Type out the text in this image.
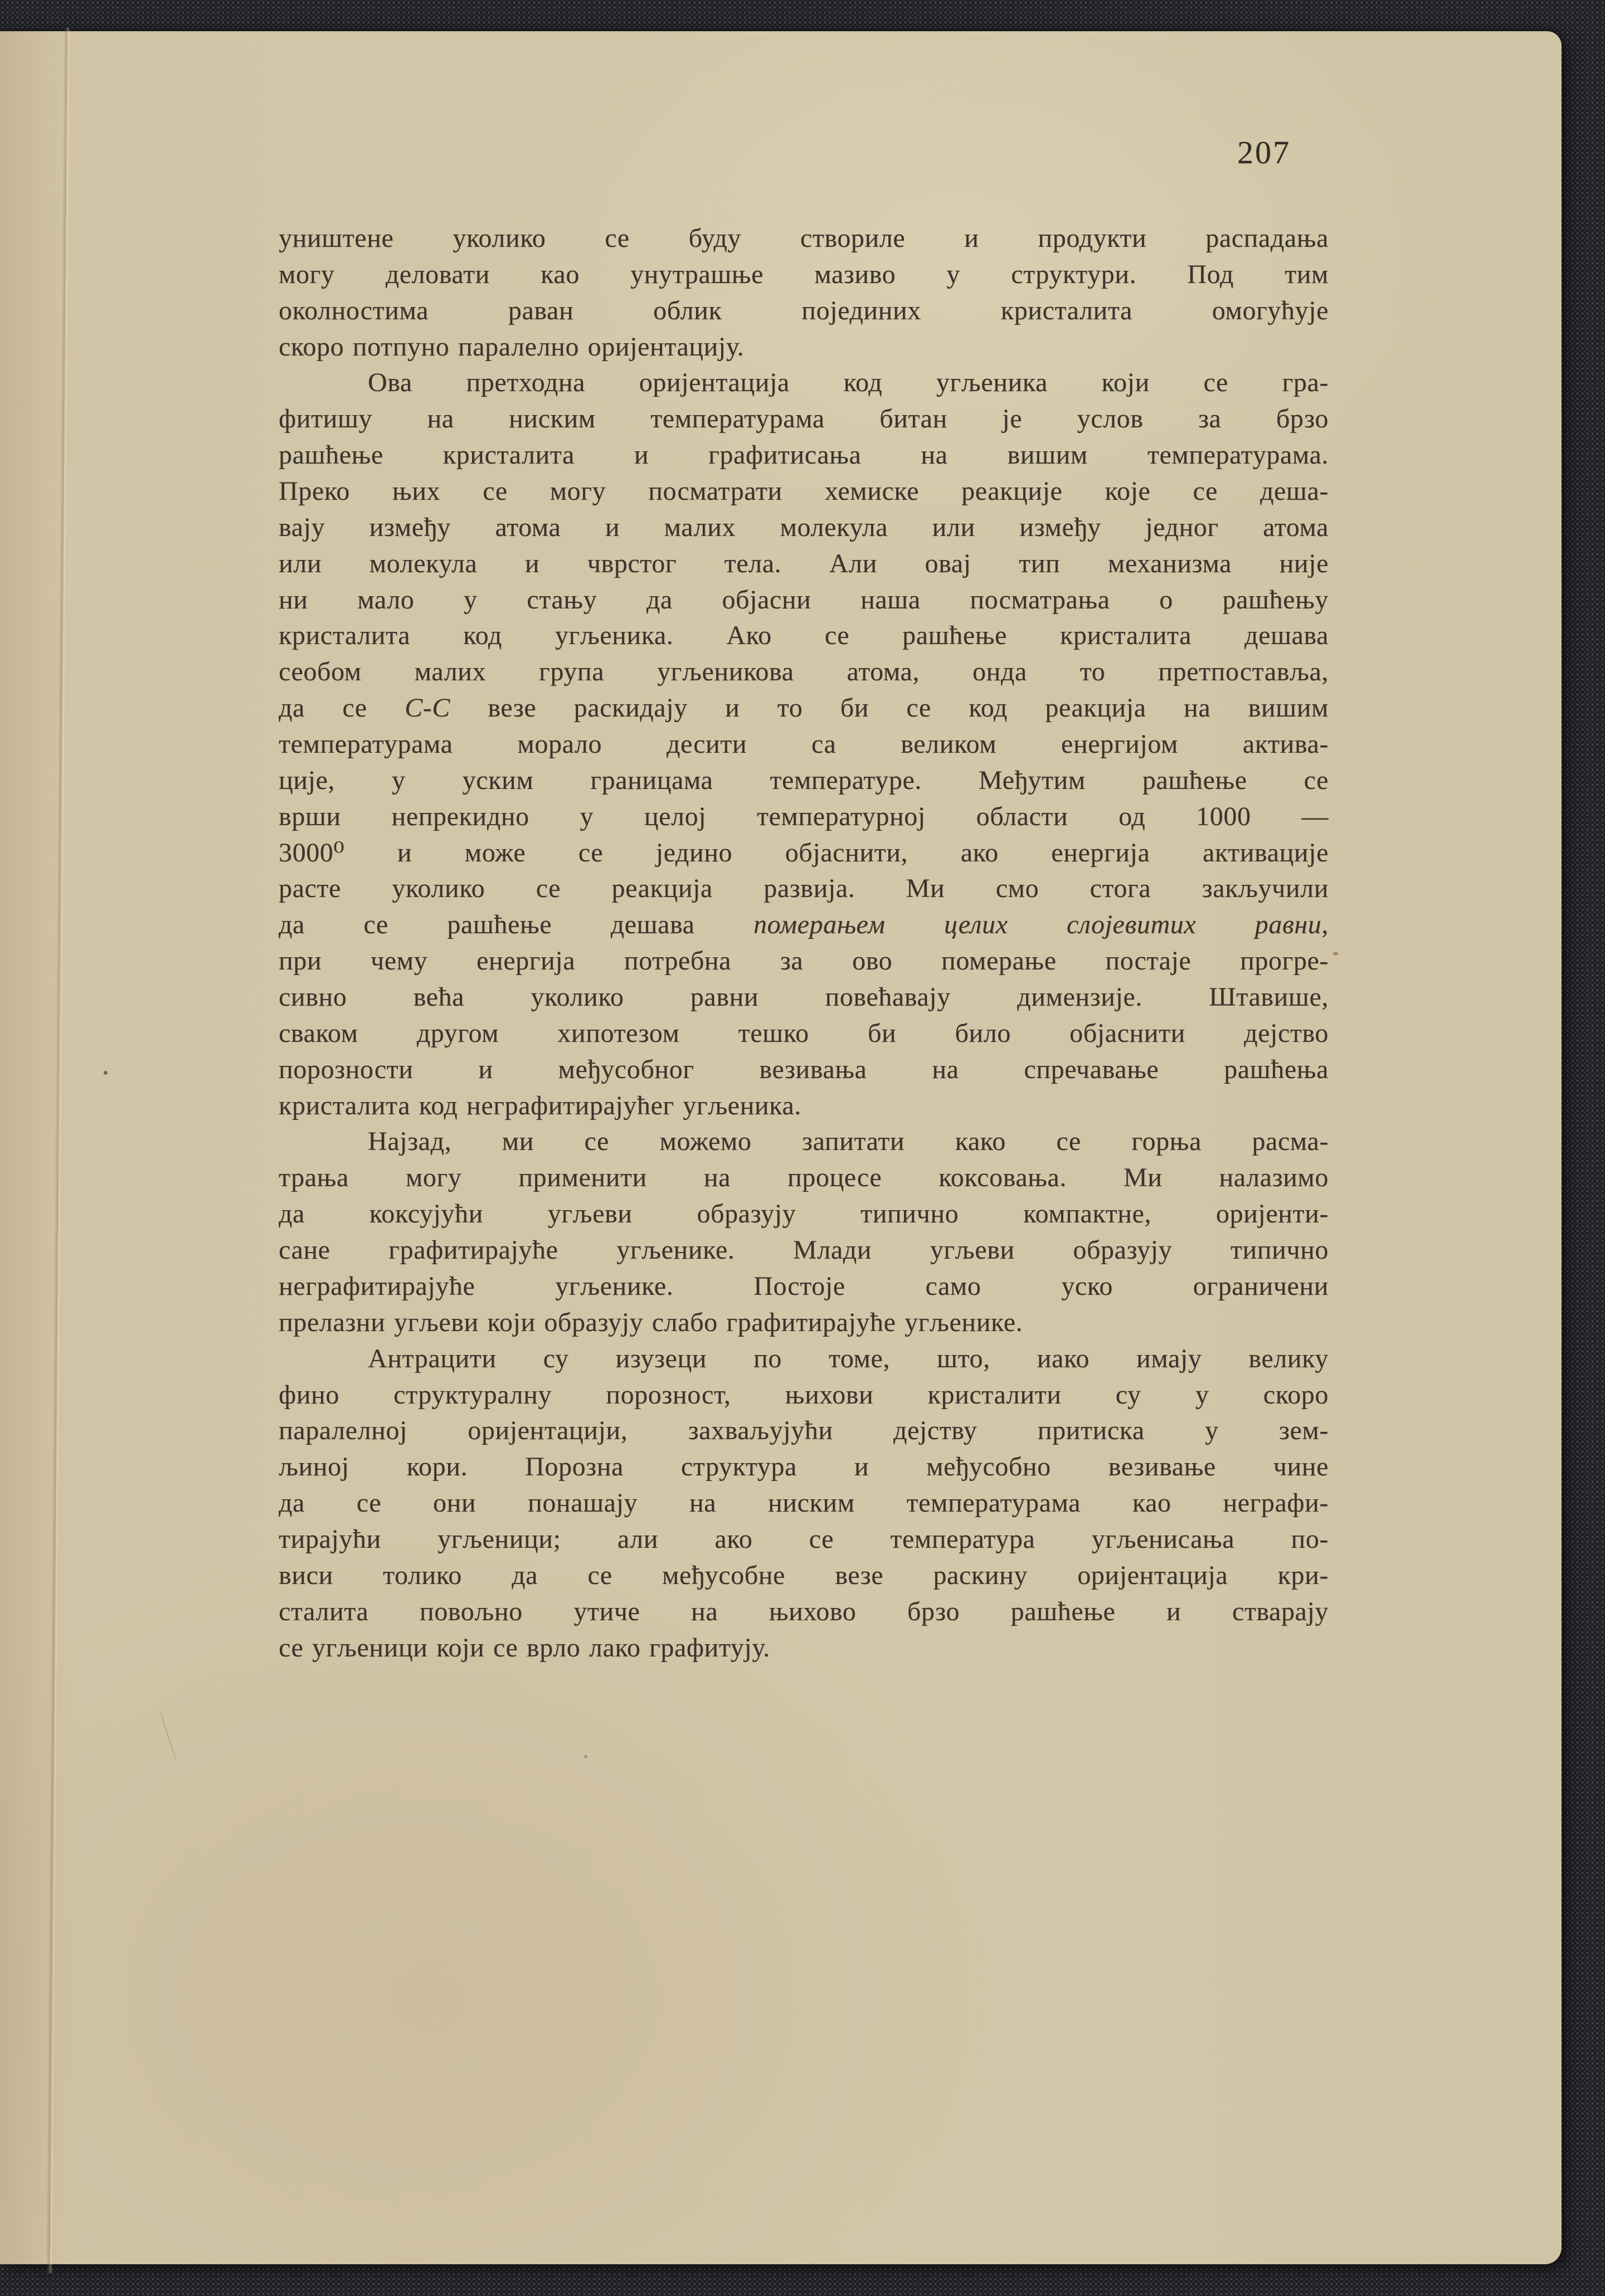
207
уништене уколико се буду створиле и продукти распадања
могу деловати као унутрашње мазиво у структури. Под тим
околностима раван облик појединих кристалита омогућује
скоро потпуно паралелно оријентацију.
Ова претходна оријентација код угљеника који се гра-
фитишу на ниским температурама битан је услов за брзо
рашћење кристалита и графитисања на вишим температурама.
Преко њих се могу посматрати хемиске реакције које се деша-
вају између атома и малих молекула или између једног атома
или молекула и чврстог тела. Али овај тип механизма није
ни мало у стању да објасни наша посматрања о рашћењу
кристалита код угљеника. Ако се рашћење кристалита дешава
сеобом малих група угљеникова атома, онда то претпоставља,
да се C-C везе раскидају и то би се код реакција на вишим
температурама морало десити са великом енергијом актива-
ције, у уским границама температуре. Међутим рашћење се
врши непрекидно у целој температурној области од 1000 —
3000⁰ и може се једино објаснити, ако енергија активације
расте уколико се реакција развија. Ми смо стога закључили
да се рашћење дешава померањем целих слојевитих равни,
при чему енергија потребна за ово померање постаје прогре-
сивно већа уколико равни повећавају димензије. Штавише,
сваком другом хипотезом тешко би било објаснити дејство
порозности и међусобног везивања на спречавање рашћења
кристалита код неграфитирајућег угљеника.
Најзад, ми се можемо запитати како се горња расма-
трања могу применити на процесе коксовања. Ми налазимо
да коксујући угљеви образују типично компактне, оријенти-
сане графитирајуће угљенике. Млади угљеви образују типично
неграфитирајуће угљенике. Постоје само уско ограничени
прелазни угљеви који образују слабо графитирајуће угљенике.
Антрацити су изузеци по томе, што, иако имају велику
фино структуралну порозност, њихови кристалити су у скоро
паралелној оријентацији, захваљујући дејству притиска у зем-
љиној кори. Порозна структура и међусобно везивање чине
да се они понашају на ниским температурама као неграфи-
тирајући угљеници; али ако се температура угљенисања по-
виси толико да се међусобне везе раскину оријентација кри-
сталита повољно утиче на њихово брзо рашћење и стварају
се угљеници који се врло лако графитују.
